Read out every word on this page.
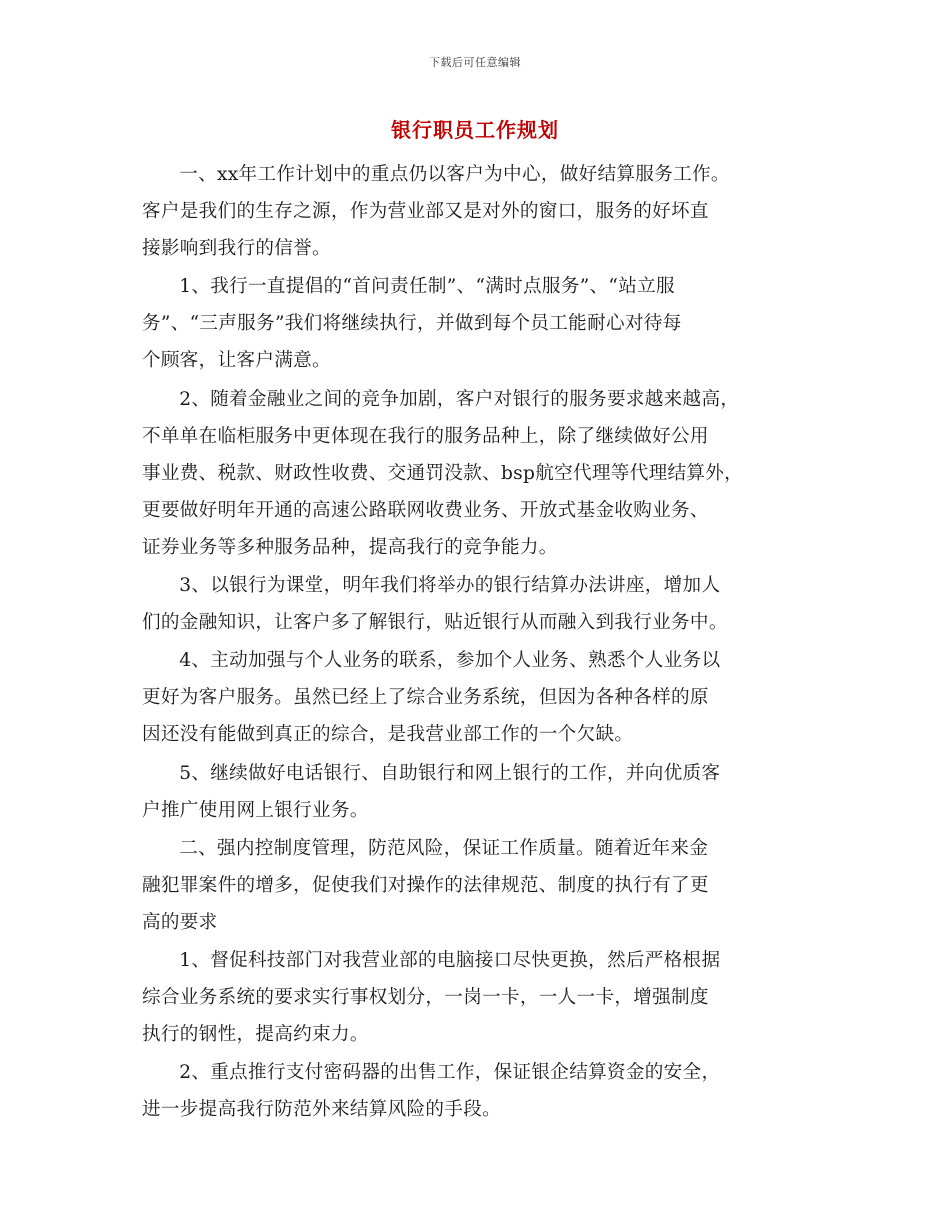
下载后可任意编辑
银行职员工作规划

一、xx年工作计划中的重点仍以客户为中心，做好结算服务工作。
客户是我们的生存之源，作为营业部又是对外的窗口，服务的好坏直
接影响到我行的信誉。

1、我行一直提倡的“首问责任制”、“满时点服务”、“站立服
务”、“三声服务”我们将继续执行，并做到每个员工能耐心对待每
个顾客，让客户满意。

2、随着金融业之间的竞争加剧，客户对银行的服务要求越来越高，
不单单在临柜服务中更体现在我行的服务品种上，除了继续做好公用
事业费、税款、财政性收费、交通罚没款、bsp航空代理等代理结算外，
更要做好明年开通的高速公路联网收费业务、开放式基金收购业务、
证券业务等多种服务品种，提高我行的竞争能力。

3、以银行为课堂，明年我们将举办的银行结算办法讲座，增加人
们的金融知识，让客户多了解银行，贴近银行从而融入到我行业务中。

4、主动加强与个人业务的联系，参加个人业务、熟悉个人业务以
更好为客户服务。虽然已经上了综合业务系统，但因为各种各样的原
因还没有能做到真正的综合，是我营业部工作的一个欠缺。

5、继续做好电话银行、自助银行和网上银行的工作，并向优质客
户推广使用网上银行业务。

二、强内控制度管理，防范风险，保证工作质量。随着近年来金
融犯罪案件的增多，促使我们对操作的法律规范、制度的执行有了更
高的要求

1、督促科技部门对我营业部的电脑接口尽快更换，然后严格根据
综合业务系统的要求实行事权划分，一岗一卡，一人一卡，增强制度
执行的钢性，提高约束力。

2、重点推行支付密码器的出售工作，保证银企结算资金的安全，
进一步提高我行防范外来结算风险的手段。
